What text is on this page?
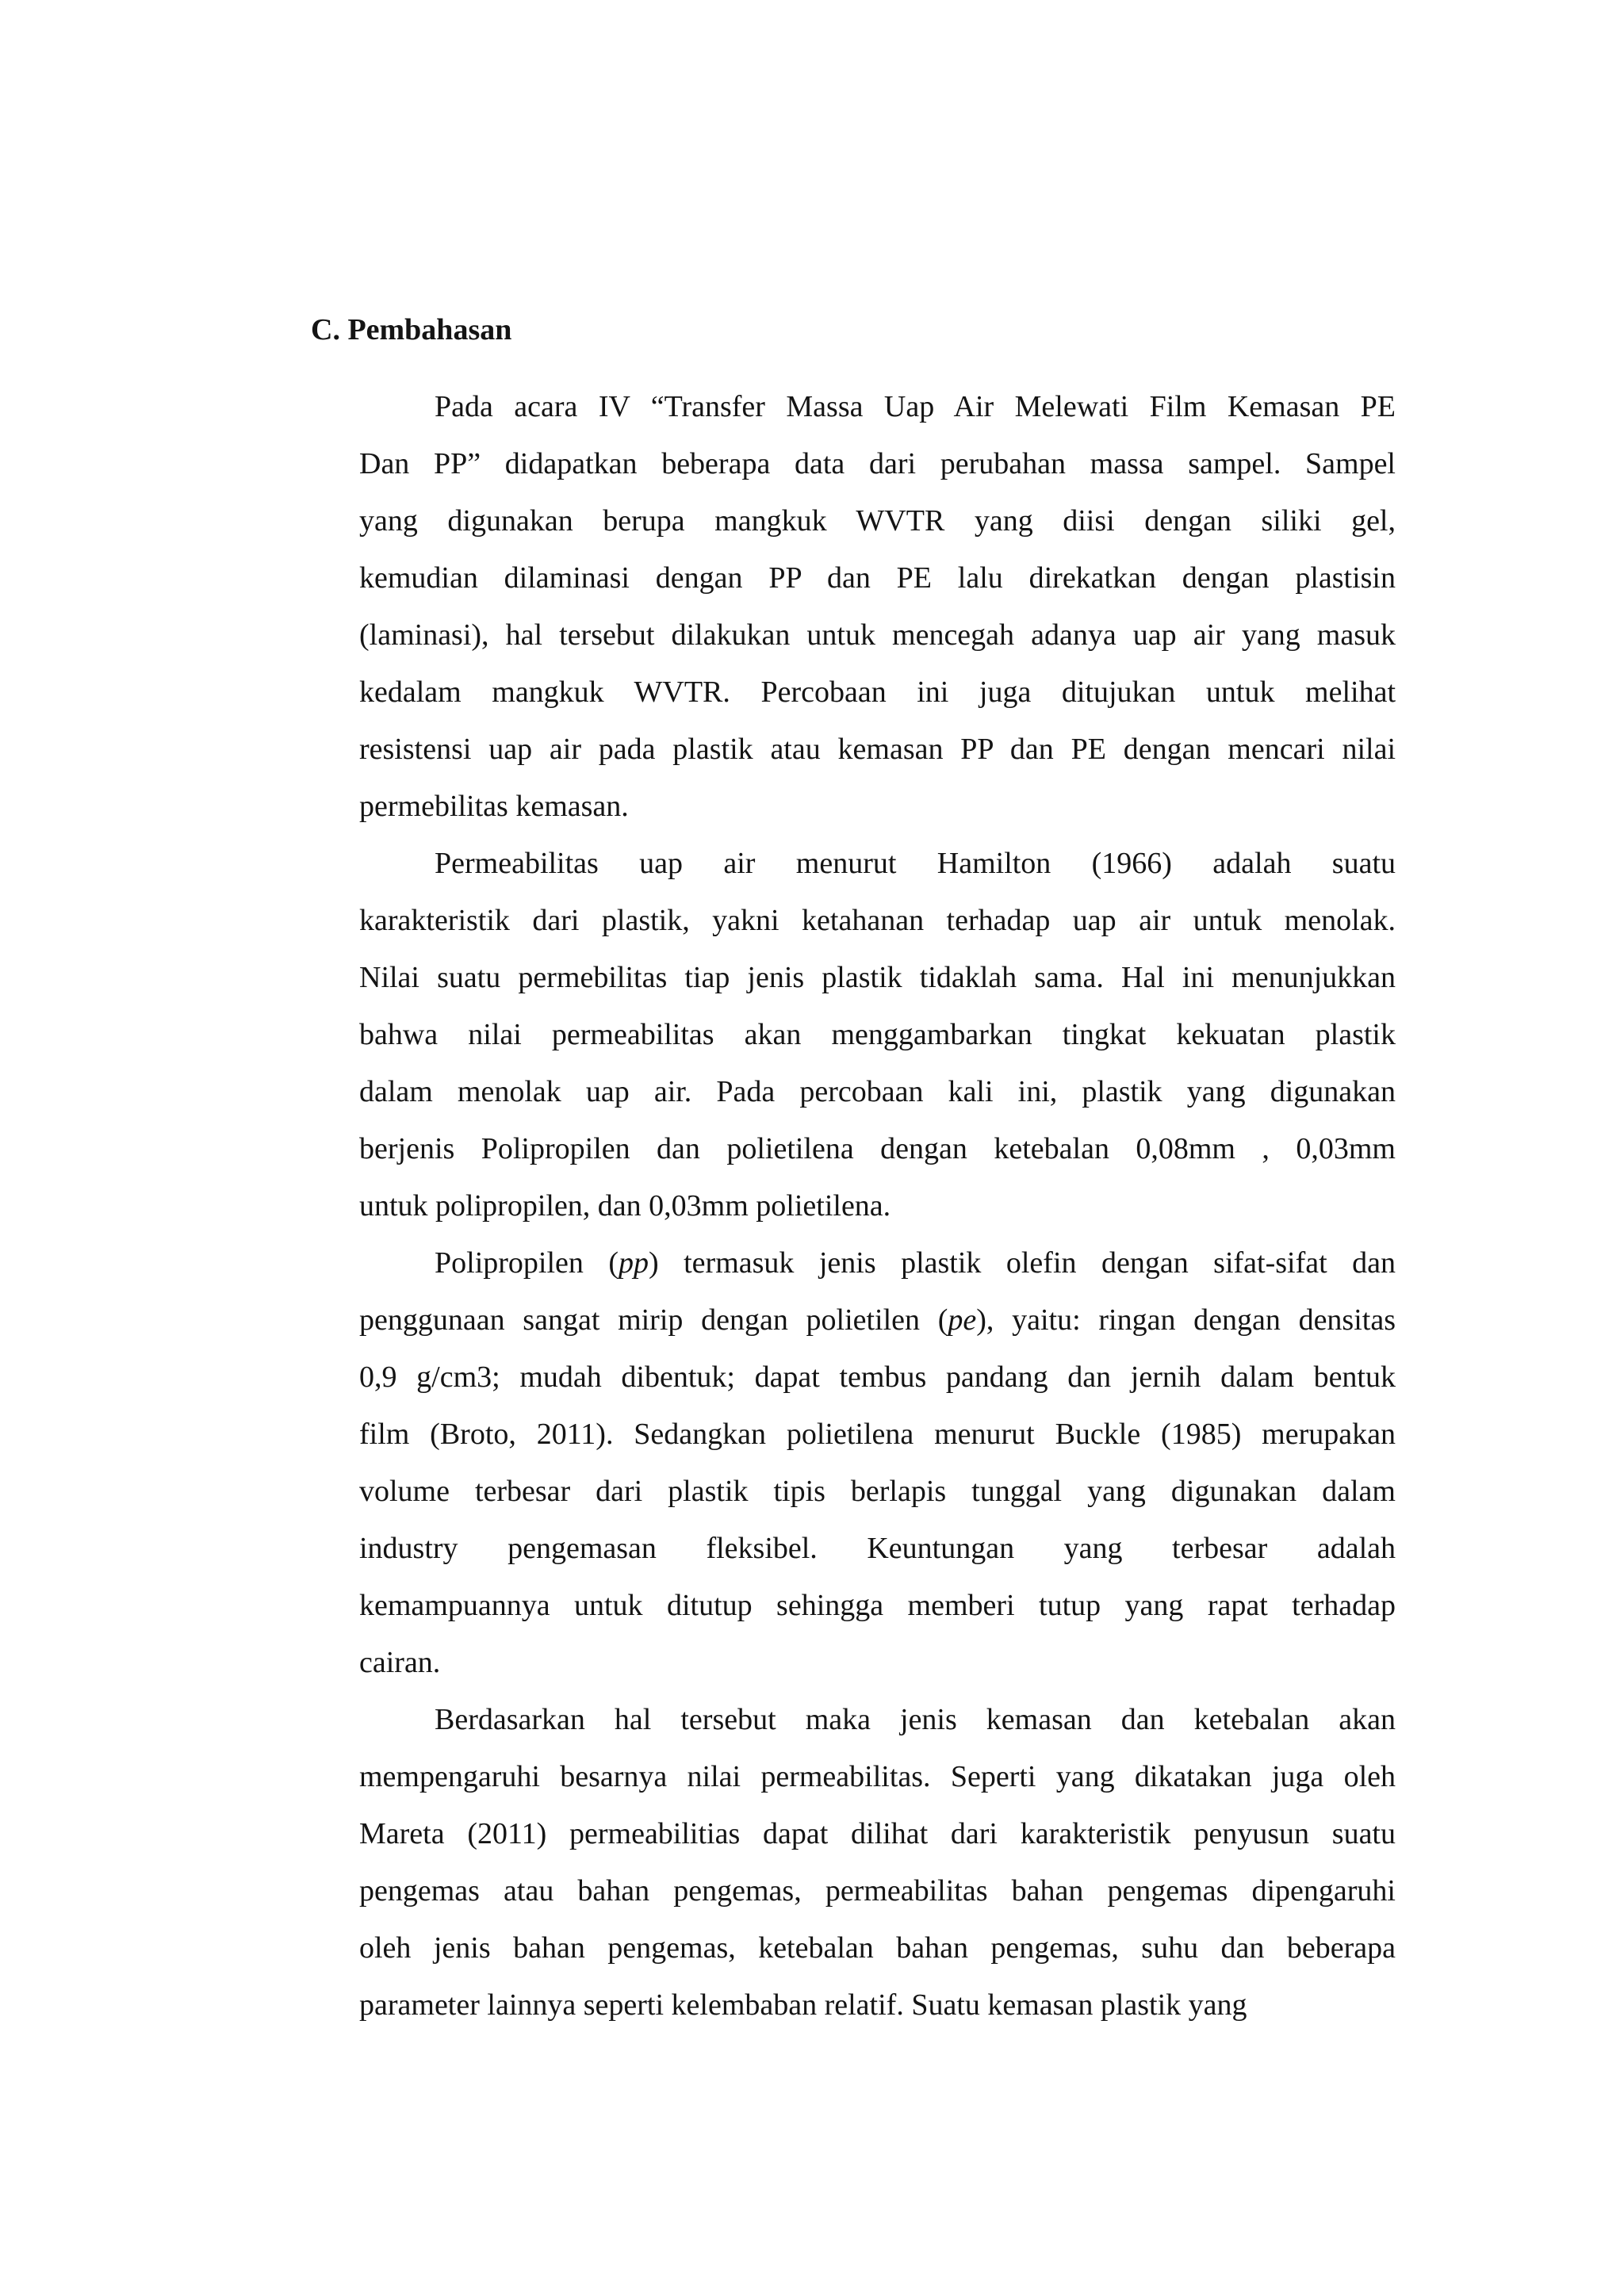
C. Pembahasan
Pada acara IV “Transfer Massa Uap Air Melewati Film Kemasan PE
Dan PP” didapatkan beberapa data dari perubahan massa sampel. Sampel
yang digunakan berupa mangkuk WVTR yang diisi dengan siliki gel,
kemudian dilaminasi dengan PP dan PE lalu direkatkan dengan plastisin
(laminasi), hal tersebut dilakukan untuk mencegah adanya uap air yang masuk
kedalam mangkuk WVTR. Percobaan ini juga ditujukan untuk melihat
resistensi uap air pada plastik atau kemasan PP dan PE dengan mencari nilai
permebilitas kemasan.
Permeabilitas uap air menurut Hamilton (1966) adalah suatu
karakteristik dari plastik, yakni ketahanan terhadap uap air untuk menolak.
Nilai suatu permebilitas tiap jenis plastik tidaklah sama. Hal ini menunjukkan
bahwa nilai permeabilitas akan menggambarkan tingkat kekuatan plastik
dalam menolak uap air. Pada percobaan kali ini, plastik yang digunakan
berjenis Polipropilen dan polietilena dengan ketebalan 0,08mm , 0,03mm
untuk polipropilen, dan 0,03mm polietilena.
Polipropilen (pp) termasuk jenis plastik olefin dengan sifat-sifat dan
penggunaan sangat mirip dengan polietilen (pe), yaitu: ringan dengan densitas
0,9 g/cm3; mudah dibentuk; dapat tembus pandang dan jernih dalam bentuk
film (Broto, 2011). Sedangkan polietilena menurut Buckle (1985) merupakan
volume terbesar dari plastik tipis berlapis tunggal yang digunakan dalam
industry pengemasan fleksibel. Keuntungan yang terbesar adalah
kemampuannya untuk ditutup sehingga memberi tutup yang rapat terhadap
cairan.
Berdasarkan hal tersebut maka jenis kemasan dan ketebalan akan
mempengaruhi besarnya nilai permeabilitas. Seperti yang dikatakan juga oleh
Mareta (2011) permeabilitias dapat dilihat dari karakteristik penyusun suatu
pengemas atau bahan pengemas, permeabilitas bahan pengemas dipengaruhi
oleh jenis bahan pengemas, ketebalan bahan pengemas, suhu dan beberapa
parameter lainnya seperti kelembaban relatif. Suatu kemasan plastik yang
